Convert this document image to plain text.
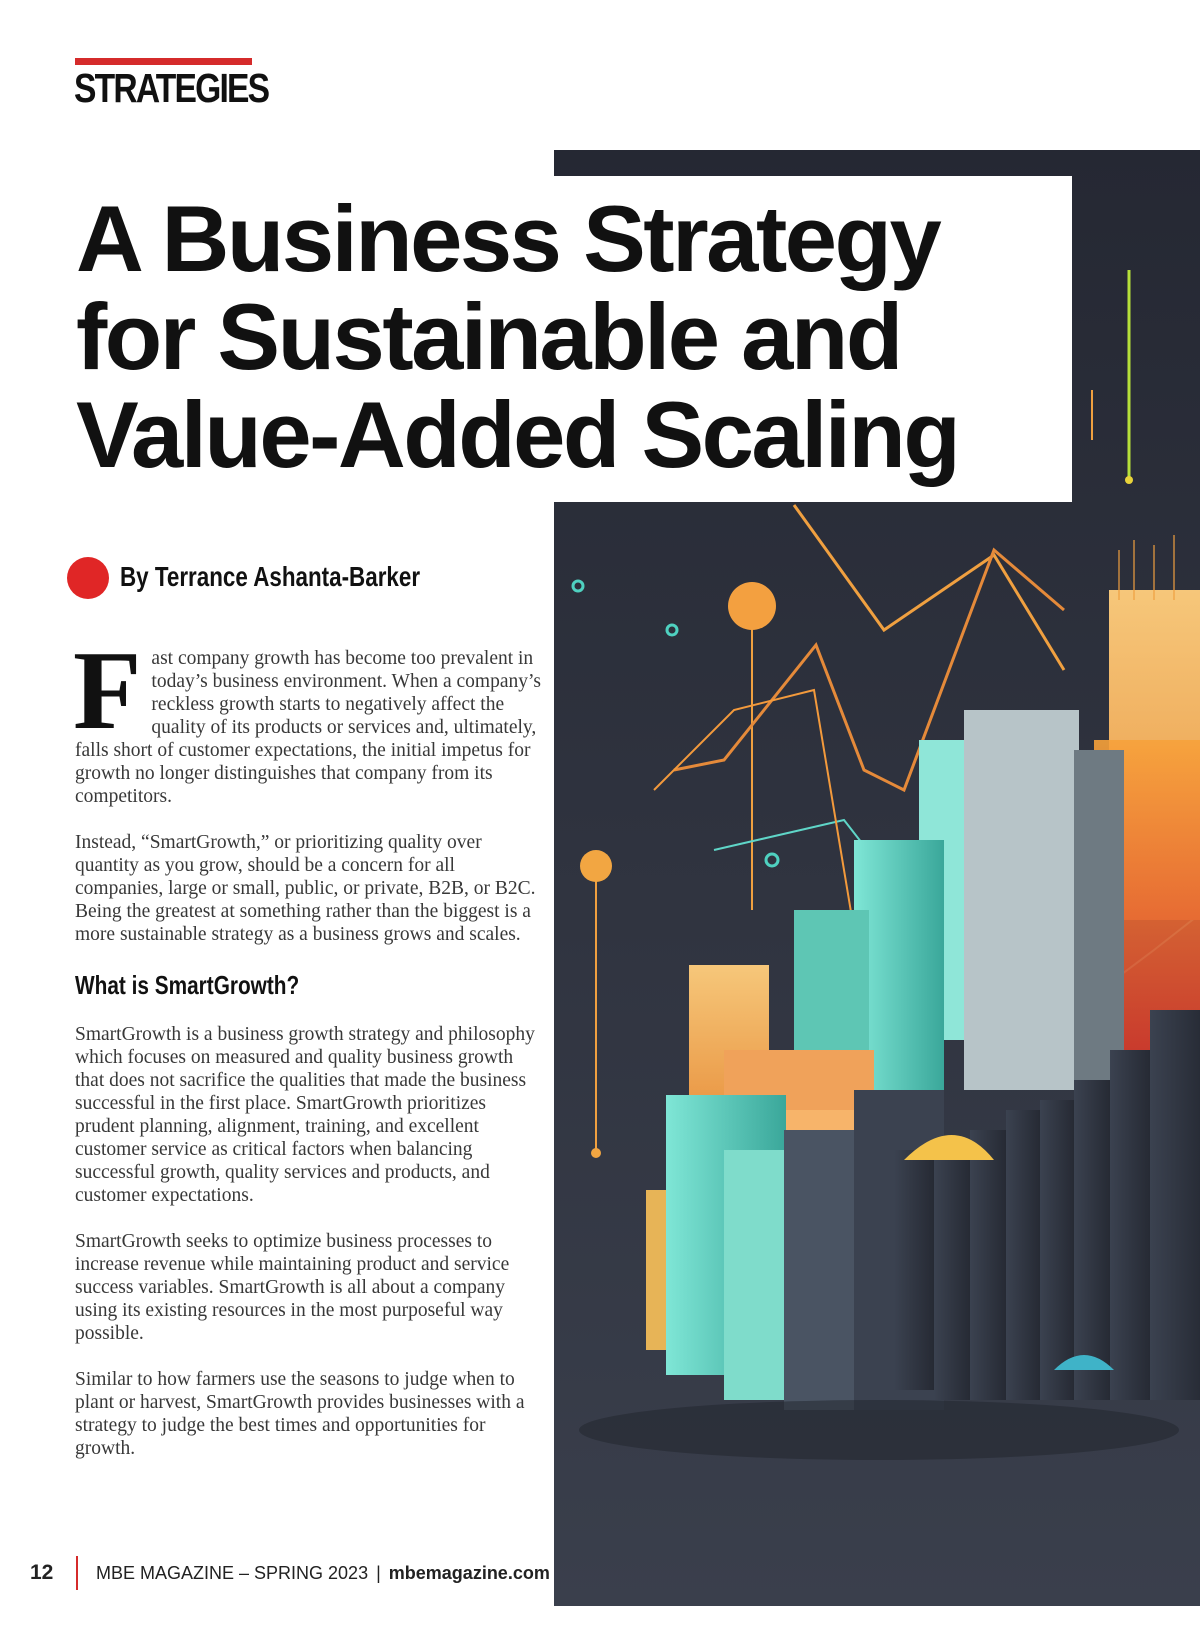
STRATEGIES
A Business Strategy
for Sustainable and
Value-Added Scaling
By Terrance Ashanta-Barker

Fast company growth has become too prevalent in today’s business environment. When a company’s reckless growth starts to negatively affect the quality of its products or services and, ultimately, falls short of customer expectations, the initial impetus for growth no longer distinguishes that company from its competitors.

Instead, “SmartGrowth,” or prioritizing quality over quantity as you grow, should be a concern for all companies, large or small, public, or private, B2B, or B2C. Being the greatest at something rather than the biggest is a more sustainable strategy as a business grows and scales.

What is SmartGrowth?

SmartGrowth is a business growth strategy and philosophy which focuses on measured and quality business growth that does not sacrifice the qualities that made the business successful in the first place. SmartGrowth prioritizes prudent planning, alignment, training, and excellent customer service as critical factors when balancing successful growth, quality services and products, and customer expectations.

SmartGrowth seeks to optimize business processes to increase revenue while maintaining product and service success variables. SmartGrowth is all about a company using its existing resources in the most purposeful way possible.

Similar to how farmers use the seasons to judge when to plant or harvest, SmartGrowth provides businesses with a strategy to judge the best times and opportunities for growth.

12	MBE MAGAZINE – SPRING 2023 | mbemagazine.com
